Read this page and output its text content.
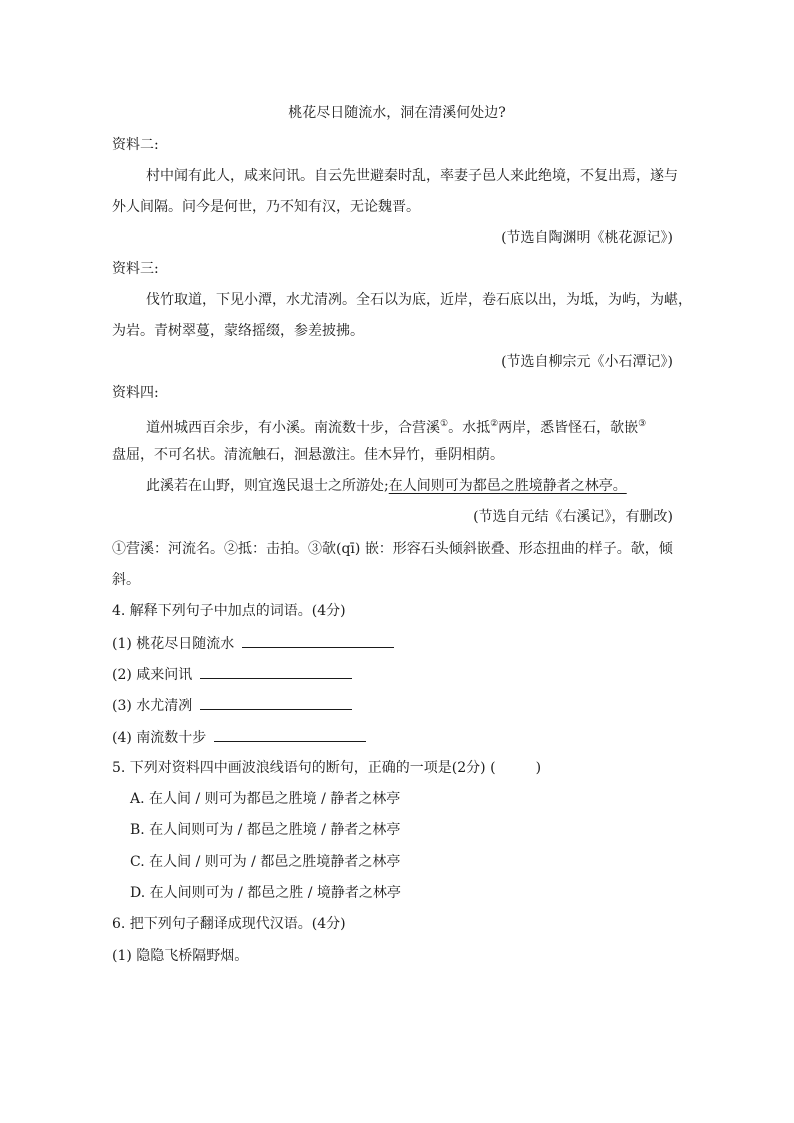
桃花尽日随流水，洞在清溪何处边?
资料二:
村中闻有此人，咸来问讯。自云先世避秦时乱，率妻子邑人来此绝境，不复出焉，遂与
外人间隔。问今是何世，乃不知有汉，无论魏晋。
(节选自陶渊明《桃花源记》)
资料三:
伐竹取道，下见小潭，水尤清冽。全石以为底，近岸，卷石底以出，为坻，为屿，为嵁，
为岩。青树翠蔓，蒙络摇缀，参差披拂。
(节选自柳宗元《小石潭记》)
资料四:
道州城西百余步，有小溪。南流数十步，合营溪①。水抵②两岸，悉皆怪石，欹嵌③
盘屈，不可名状。清流触石，洄悬激注。佳木异竹，垂阴相荫。
此溪若在山野，则宜逸民退士之所游处;在人间则可为都邑之胜境静者之林亭。
(节选自元结《右溪记》，有删改)
①营溪：河流名。②抵：击拍。③欹(qī) 嵌：形容石头倾斜嵌叠、形态扭曲的样子。欹，倾
斜。
4. 解释下列句子中加点的词语。(4分)
(1) 桃花尽日随流水
(2) 咸来问讯
(3) 水尤清冽
(4) 南流数十步
5. 下列对资料四中画波浪线语句的断句，正确的一项是(2分) (	)
A. 在人间 / 则可为都邑之胜境 / 静者之林亭
B. 在人间则可为 / 都邑之胜境 / 静者之林亭
C. 在人间 / 则可为 / 都邑之胜境静者之林亭
D. 在人间则可为 / 都邑之胜 / 境静者之林亭
6. 把下列句子翻译成现代汉语。(4分)
(1) 隐隐飞桥隔野烟。
